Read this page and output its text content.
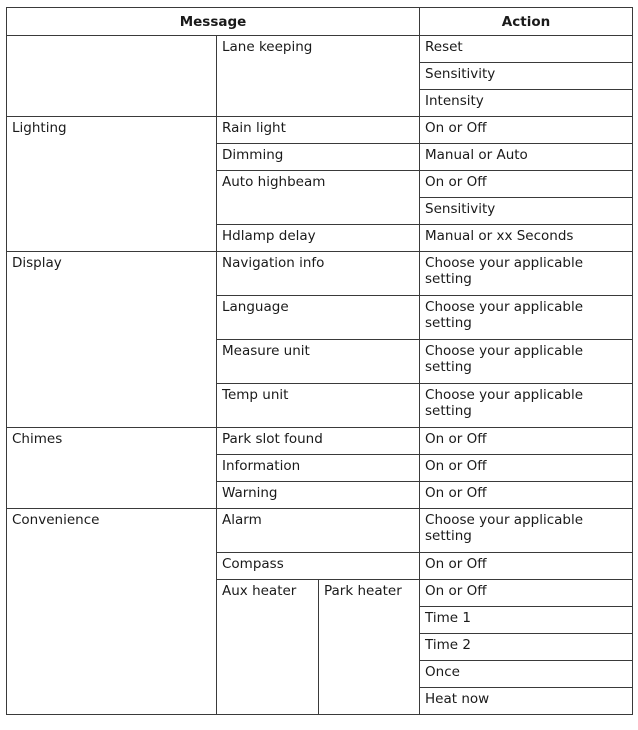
Message			Action
	Lane keeping		Reset
			Sensitivity
			Intensity
Lighting	Rain light		On or Off
	Dimming		Manual or Auto
	Auto highbeam		On or Off
			Sensitivity
	Hdlamp delay		Manual or xx Seconds
Display	Navigation info		Choose your applicable setting
	Language		Choose your applicable setting
	Measure unit		Choose your applicable setting
	Temp unit		Choose your applicable setting
Chimes	Park slot found		On or Off
	Information		On or Off
	Warning		On or Off
Convenience	Alarm		Choose your applicable setting
	Compass		On or Off
	Aux heater	Park heater	On or Off
			Time 1
			Time 2
			Once
			Heat now
